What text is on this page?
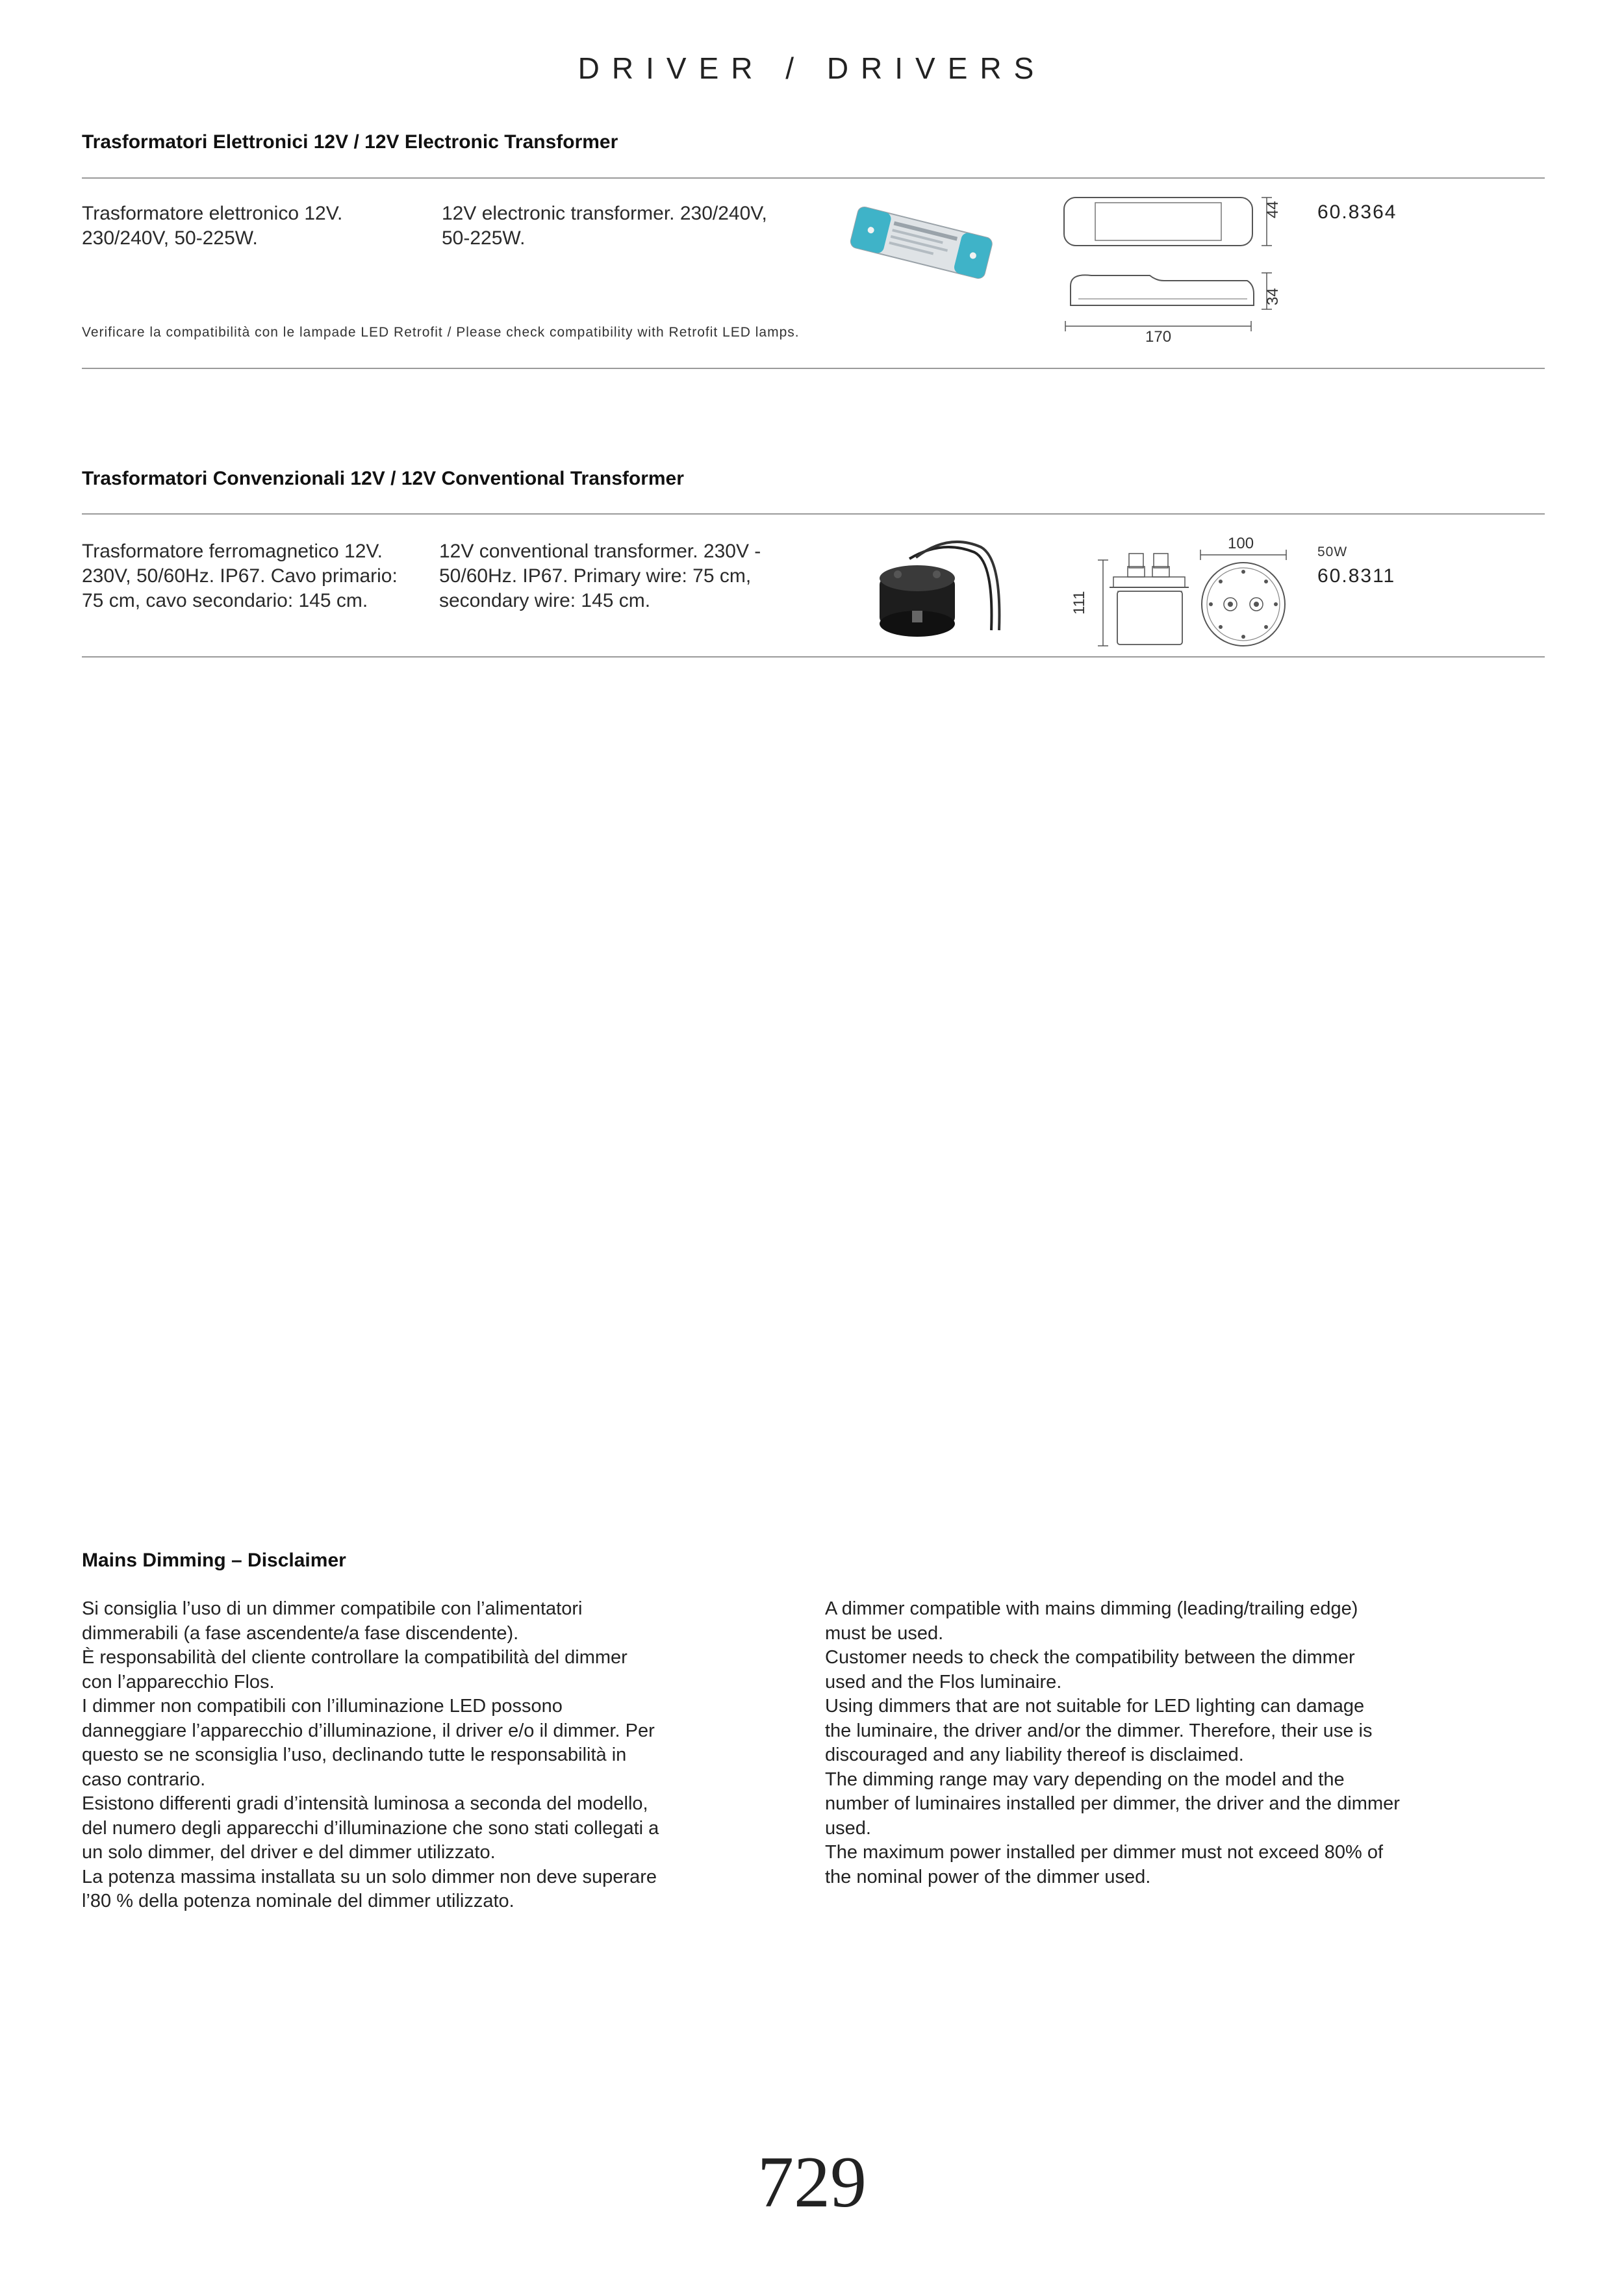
DRIVER / DRIVERS
Trasformatori Elettronici 12V / 12V Electronic Transformer
Trasformatore elettronico 12V.
230/240V, 50-225W.
12V electronic transformer. 230/240V,
50-225W.
44
34
170
60.8364
Verificare la compatibilità con le lampade LED Retrofit / Please check compatibility with Retrofit LED lamps.
Trasformatori Convenzionali 12V / 12V Conventional Transformer
Trasformatore ferromagnetico 12V.
230V, 50/60Hz. IP67. Cavo primario:
75 cm, cavo secondario: 145 cm.
12V conventional transformer. 230V -
50/60Hz. IP67. Primary wire: 75 cm,
secondary wire: 145 cm.
100
111
50W
60.8311
Mains Dimming – Disclaimer
Si consiglia l’uso di un dimmer compatibile con l’alimentatori
dimmerabili (a fase ascendente/a fase discendente).
È responsabilità del cliente controllare la compatibilità del dimmer
con l’apparecchio Flos.
I dimmer non compatibili con l’illuminazione LED possono
danneggiare l’apparecchio d’illuminazione, il driver e/o il dimmer. Per
questo se ne sconsiglia l’uso, declinando tutte le responsabilità in
caso contrario.
Esistono differenti gradi d’intensità luminosa a seconda del modello,
del numero degli apparecchi d’illuminazione che sono stati collegati a
un solo dimmer, del driver e del dimmer utilizzato.
La potenza massima installata su un solo dimmer non deve superare
l’80 % della potenza nominale del dimmer utilizzato.
A dimmer compatible with mains dimming (leading/trailing edge)
must be used.
Customer needs to check the compatibility between the dimmer
used and the Flos luminaire.
Using dimmers that are not suitable for LED lighting can damage
the luminaire, the driver and/or the dimmer. Therefore, their use is
discouraged and any liability thereof is disclaimed.
The dimming range may vary depending on the model and the
number of luminaires installed per dimmer, the driver and the dimmer
used.
The maximum power installed per dimmer must not exceed 80% of
the nominal power of the dimmer used.
729
